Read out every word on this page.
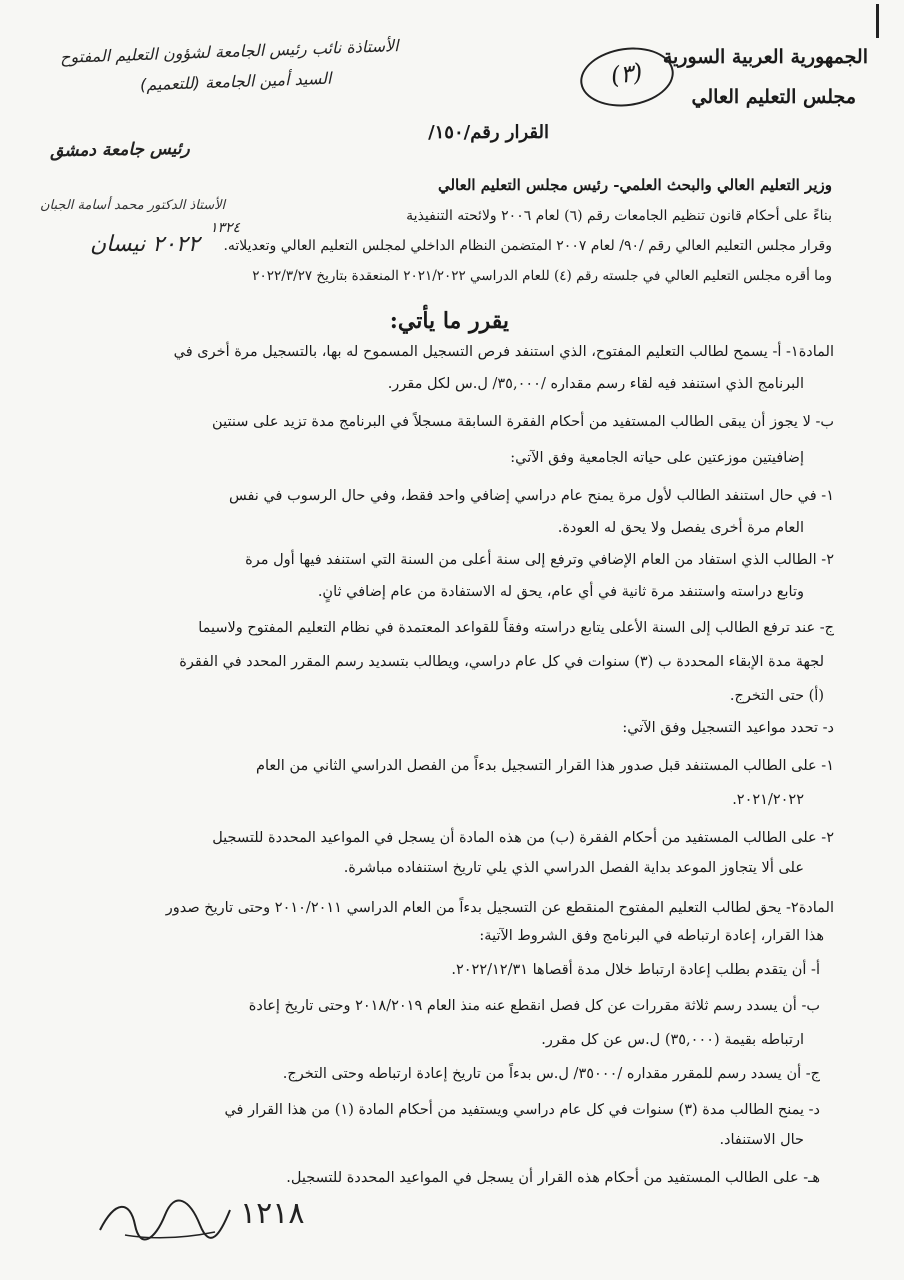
الجمهورية العربية السورية
مجلس التعليم العالي
(٣)
الأستاذة نائب رئيس الجامعة لشؤون التعليم المفتوح
السيد أمين الجامعة (للتعميم)
رئيس جامعة دمشق
الأستاذ الدكتور محمد أسامة الجبان
١٣٢٤
٢٠٢٢ نيسان
القرار رقم/١٥٠/
وزير التعليم العالي والبحث العلمي- رئيس مجلس التعليم العالي
بناءً على أحكام قانون تنظيم الجامعات رقم (٦) لعام ٢٠٠٦ ولائحته التنفيذية
وقرار مجلس التعليم العالي رقم /٩٠/ لعام ٢٠٠٧ المتضمن النظام الداخلي لمجلس التعليم العالي وتعديلاته.
وما أقره مجلس التعليم العالي في جلسته رقم (٤) للعام الدراسي ٢٠٢١/٢٠٢٢ المنعقدة بتاريخ ٢٠٢٢/٣/٢٧
يقرر ما يأتي:
المادة١- أ- يسمح لطالب التعليم المفتوح، الذي استنفد فرص التسجيل المسموح له بها، بالتسجيل مرة أخرى في
البرنامج الذي استنفد فيه لقاء رسم مقداره /٣٥,٠٠٠/ ل.س لكل مقرر.
ب- لا يجوز أن يبقى الطالب المستفيد من أحكام الفقرة السابقة مسجلاً في البرنامج مدة تزيد على سنتين
إضافيتين موزعتين على حياته الجامعية وفق الآتي:
١- في حال استنفد الطالب لأول مرة يمنح عام دراسي إضافي واحد فقط، وفي حال الرسوب في نفس
العام مرة أخرى يفصل ولا يحق له العودة.
٢- الطالب الذي استفاد من العام الإضافي وترفع إلى سنة أعلى من السنة التي استنفد فيها أول مرة
وتابع دراسته واستنفد مرة ثانية في أي عام، يحق له الاستفادة من عام إضافي ثانٍ.
ج- عند ترفع الطالب إلى السنة الأعلى يتابع دراسته وفقاً للقواعد المعتمدة في نظام التعليم المفتوح ولاسيما
لجهة مدة الإبقاء المحددة ب (٣) سنوات في كل عام دراسي، ويطالب بتسديد رسم المقرر المحدد في الفقرة
(أ) حتى التخرج.
د- تحدد مواعيد التسجيل وفق الآتي:
١- على الطالب المستنفد قبل صدور هذا القرار التسجيل بدءاً من الفصل الدراسي الثاني من العام
٢٠٢١/٢٠٢٢.
٢- على الطالب المستفيد من أحكام الفقرة (ب) من هذه المادة أن يسجل في المواعيد المحددة للتسجيل
على ألا يتجاوز الموعد بداية الفصل الدراسي الذي يلي تاريخ استنفاده مباشرة.
المادة٢- يحق لطالب التعليم المفتوح المنقطع عن التسجيل بدءاً من العام الدراسي ٢٠١٠/٢٠١١ وحتى تاريخ صدور
هذا القرار، إعادة ارتباطه في البرنامج وفق الشروط الآتية:
أ- أن يتقدم بطلب إعادة ارتباط خلال مدة أقصاها ٢٠٢٢/١٢/٣١.
ب- أن يسدد رسم ثلاثة مقررات عن كل فصل انقطع عنه منذ العام ٢٠١٨/٢٠١٩ وحتى تاريخ إعادة
ارتباطه بقيمة (٣٥,٠٠٠) ل.س عن كل مقرر.
ج- أن يسدد رسم للمقرر مقداره /٣٥٠٠٠/ ل.س بدءاً من تاريخ إعادة ارتباطه وحتى التخرج.
د- يمنح الطالب مدة (٣) سنوات في كل عام دراسي ويستفيد من أحكام المادة (١) من هذا القرار في
حال الاستنفاد.
هـ- على الطالب المستفيد من أحكام هذه القرار أن يسجل في المواعيد المحددة للتسجيل.
١٢١٨
